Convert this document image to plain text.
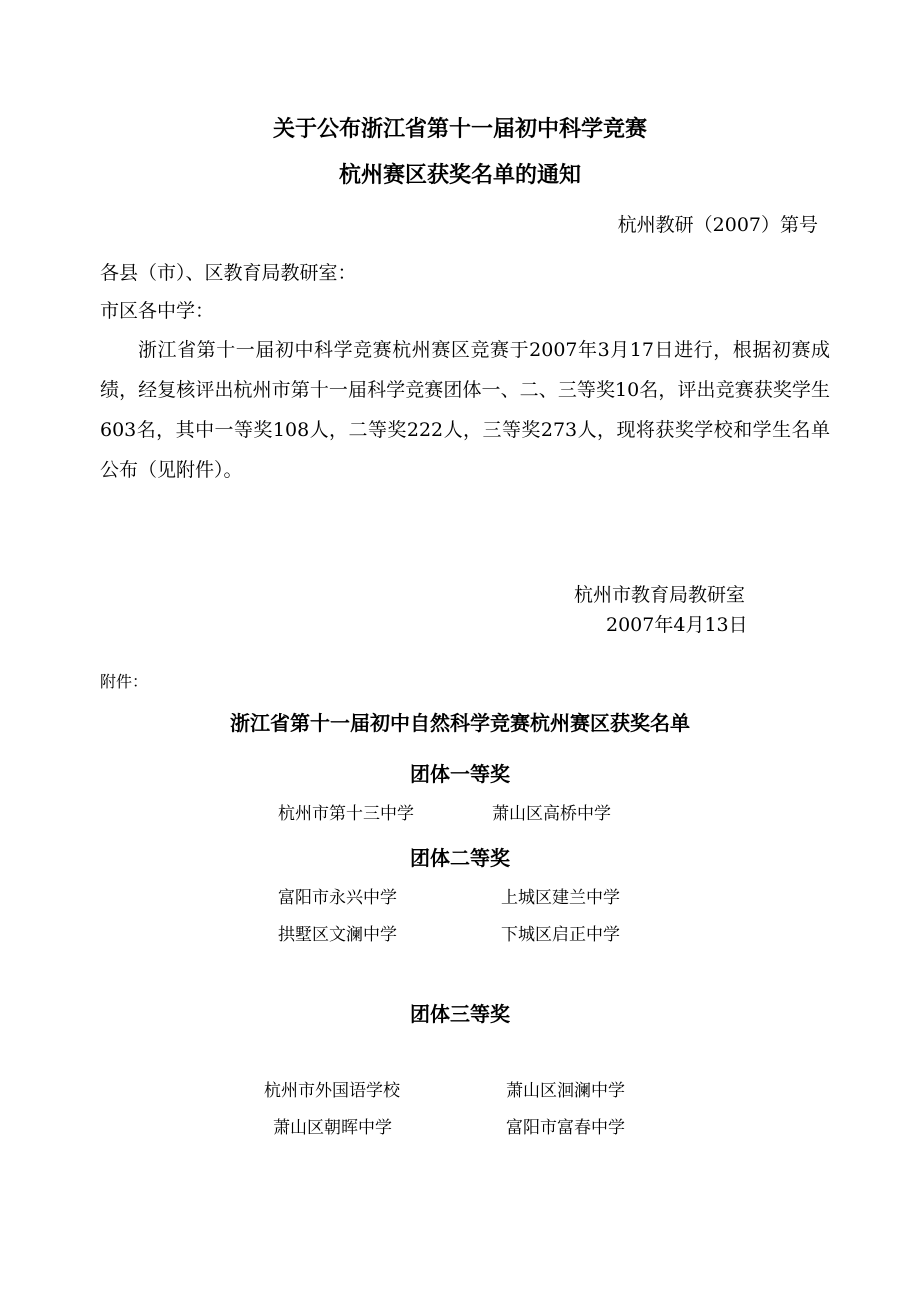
关于公布浙江省第十一届初中科学竞赛
杭州赛区获奖名单的通知
杭州教研（2007）第号
各县（市）、区教育局教研室：
市区各中学：
浙江省第十一届初中科学竞赛杭州赛区竞赛于2007年3月17日进行，根据初赛成绩，经复核评出杭州市第十一届科学竞赛团体一、二、三等奖10名，评出竞赛获奖学生603名，其中一等奖108人，二等奖222人，三等奖273人，现将获奖学校和学生名单公布（见附件）。
杭州市教育局教研室
2007年4月13日
附件：
浙江省第十一届初中自然科学竞赛杭州赛区获奖名单
团体一等奖
杭州市第十三中学	萧山区高桥中学
团体二等奖
富阳市永兴中学	上城区建兰中学
拱墅区文澜中学	下城区启正中学
团体三等奖
杭州市外国语学校	萧山区洄澜中学
萧山区朝晖中学	富阳市富春中学
